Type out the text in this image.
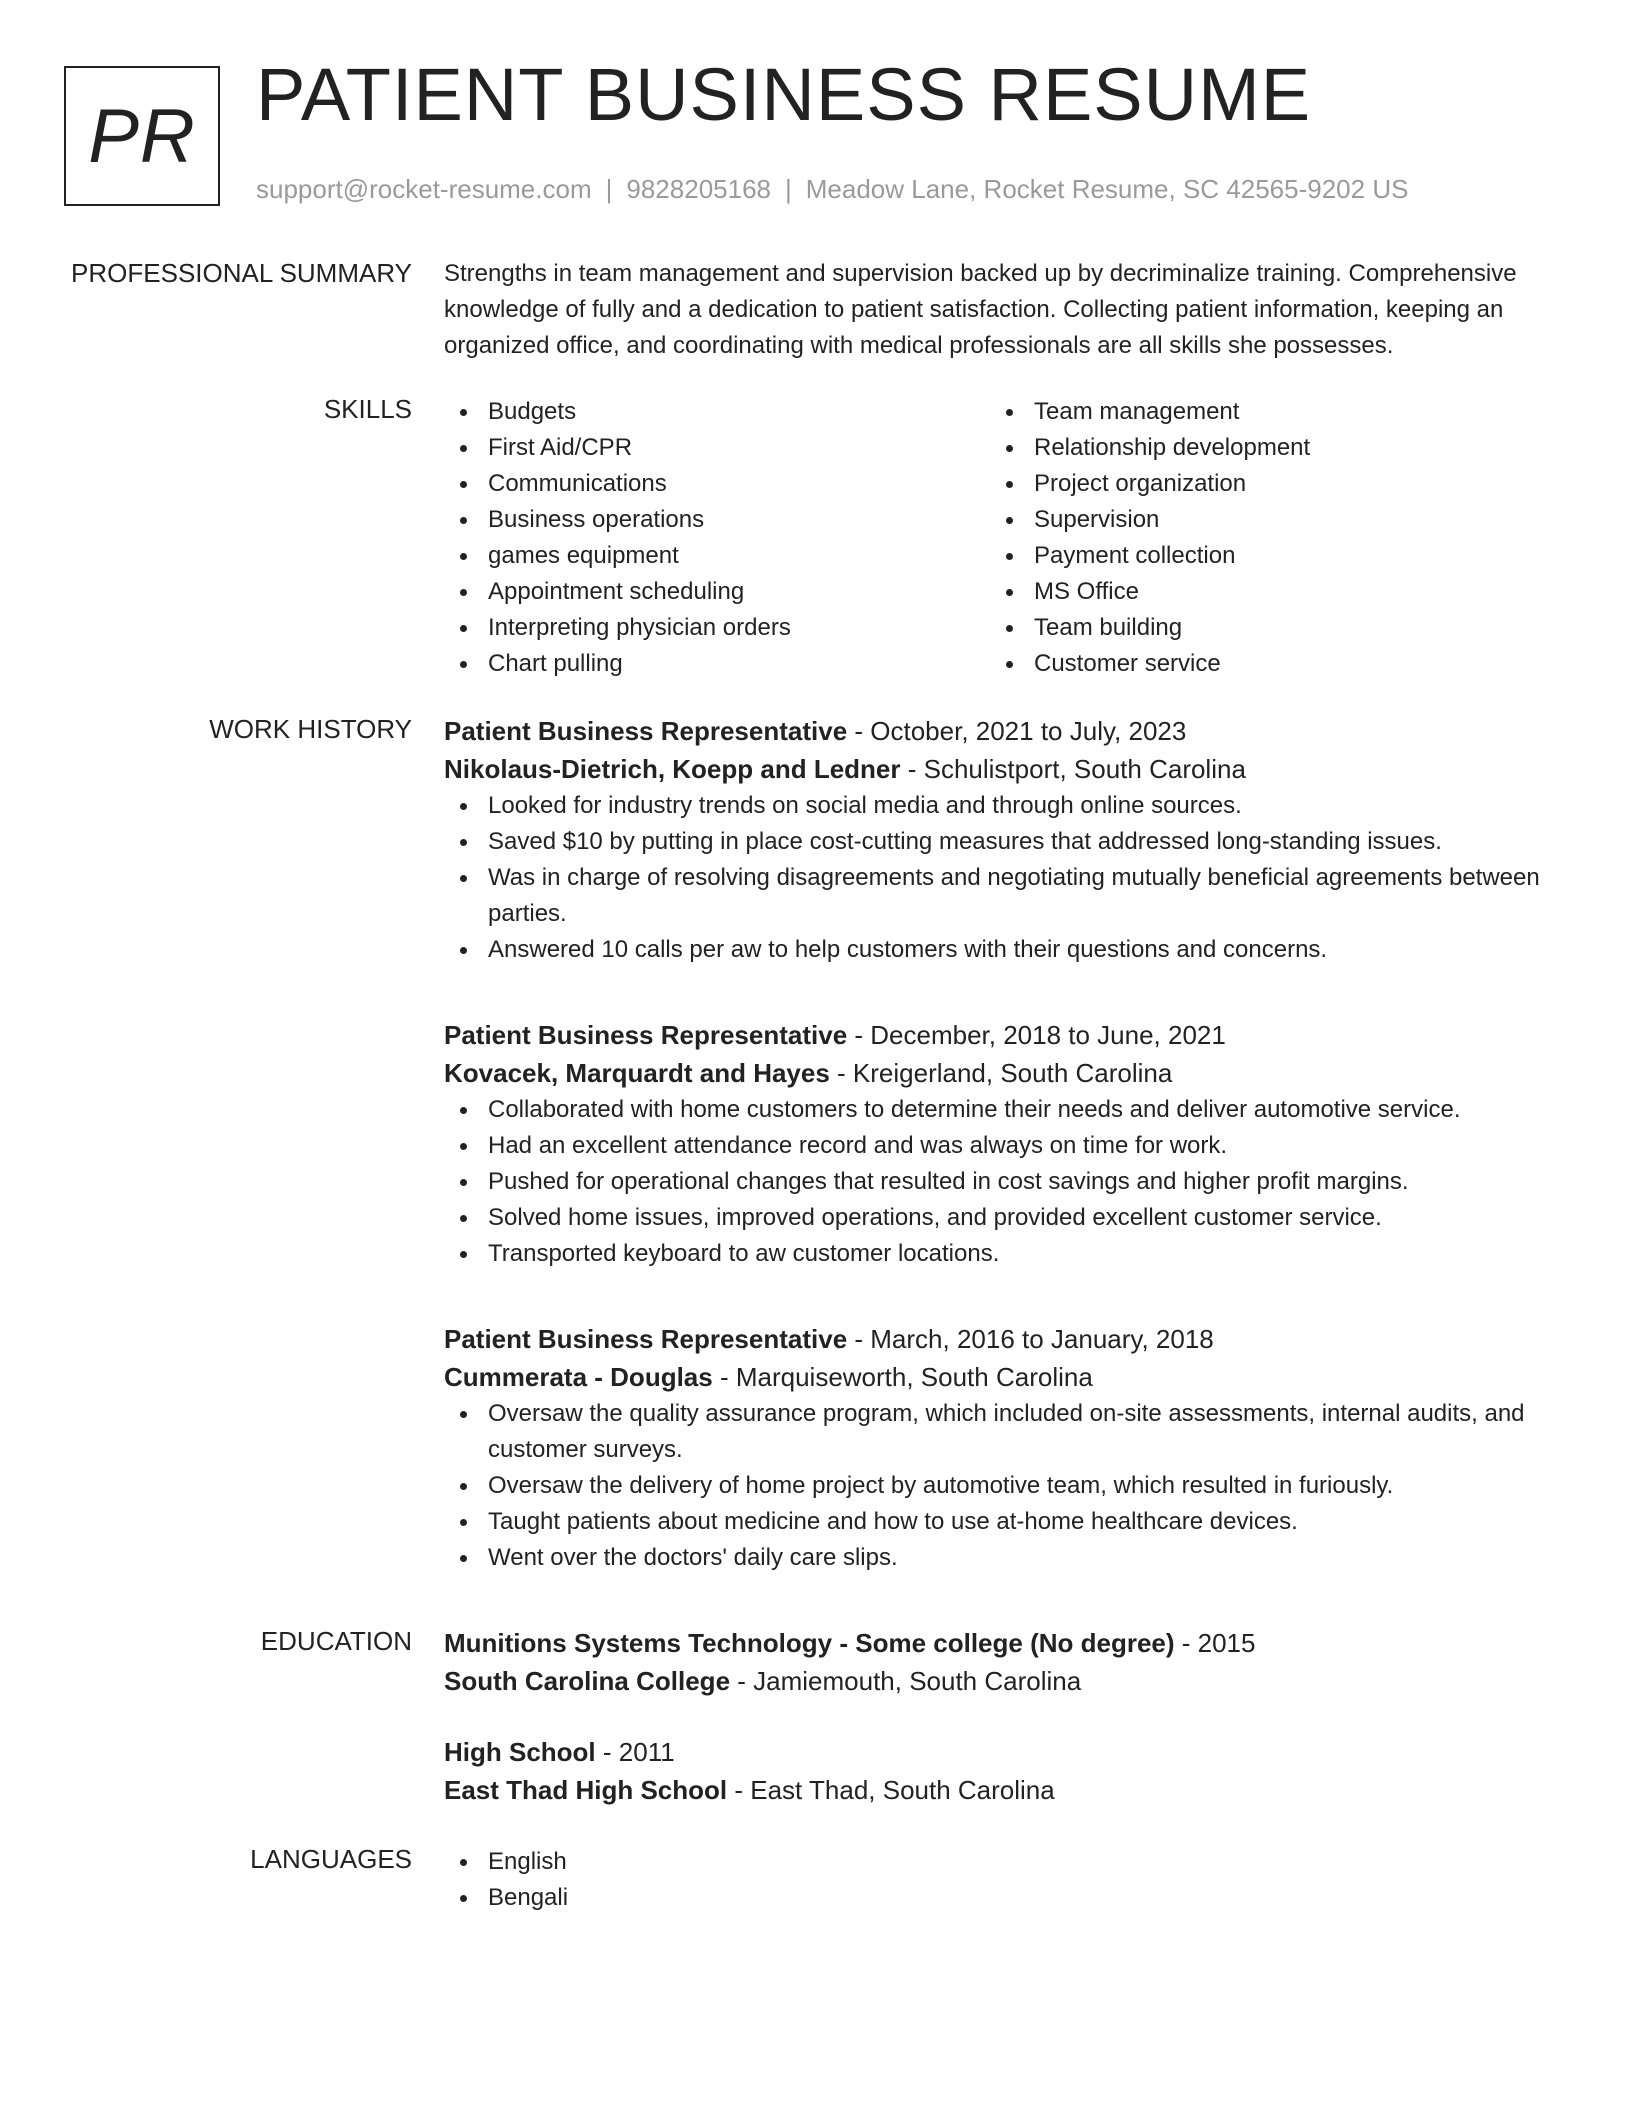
PR PATIENT BUSINESS RESUME
support@rocket-resume.com | 9828205168 | Meadow Lane, Rocket Resume, SC 42565-9202 US
PROFESSIONAL SUMMARY Strengths in team management and supervision backed up by decriminalize training. Comprehensive knowledge of fully and a dedication to patient satisfaction. Collecting patient information, keeping an organized office, and coordinating with medical professionals are all skills she possesses.

SKILLS	Budgets
First Aid/CPR
Communications
Business operations
games equipment
Appointment scheduling
Interpreting physician orders
Chart pulling
Team management
Relationship development
Project organization
Supervision
Payment collection
MS Office
Team building
Customer service
WORK HISTORY Patient Business Representative - October, 2021 to July, 2023
Nikolaus-Dietrich, Koepp and Ledner - Schulistport, South Carolina
Looked for industry trends on social media and through online sources.
Saved $10 by putting in place cost-cutting measures that addressed long-standing issues.
Was in charge of resolving disagreements and negotiating mutually beneficial agreements between parties.
Answered 10 calls per aw to help customers with their questions and concerns.
Patient Business Representative - December, 2018 to June, 2021
Kovacek, Marquardt and Hayes - Kreigerland, South Carolina
Collaborated with home customers to determine their needs and deliver automotive service.
Had an excellent attendance record and was always on time for work.
Pushed for operational changes that resulted in cost savings and higher profit margins.
Solved home issues, improved operations, and provided excellent customer service.
Transported keyboard to aw customer locations.
Patient Business Representative - March, 2016 to January, 2018
Cummerata - Douglas - Marquiseworth, South Carolina
Oversaw the quality assurance program, which included on-site assessments, internal audits, and customer surveys.
Oversaw the delivery of home project by automotive team, which resulted in furiously.
Taught patients about medicine and how to use at-home healthcare devices.
Went over the doctors' daily care slips.
EDUCATION Munitions Systems Technology - Some college (No degree) - 2015
South Carolina College - Jamiemouth, South Carolina
High School - 2011
East Thad High School - East Thad, South Carolina
LANGUAGES	English
Bengali
